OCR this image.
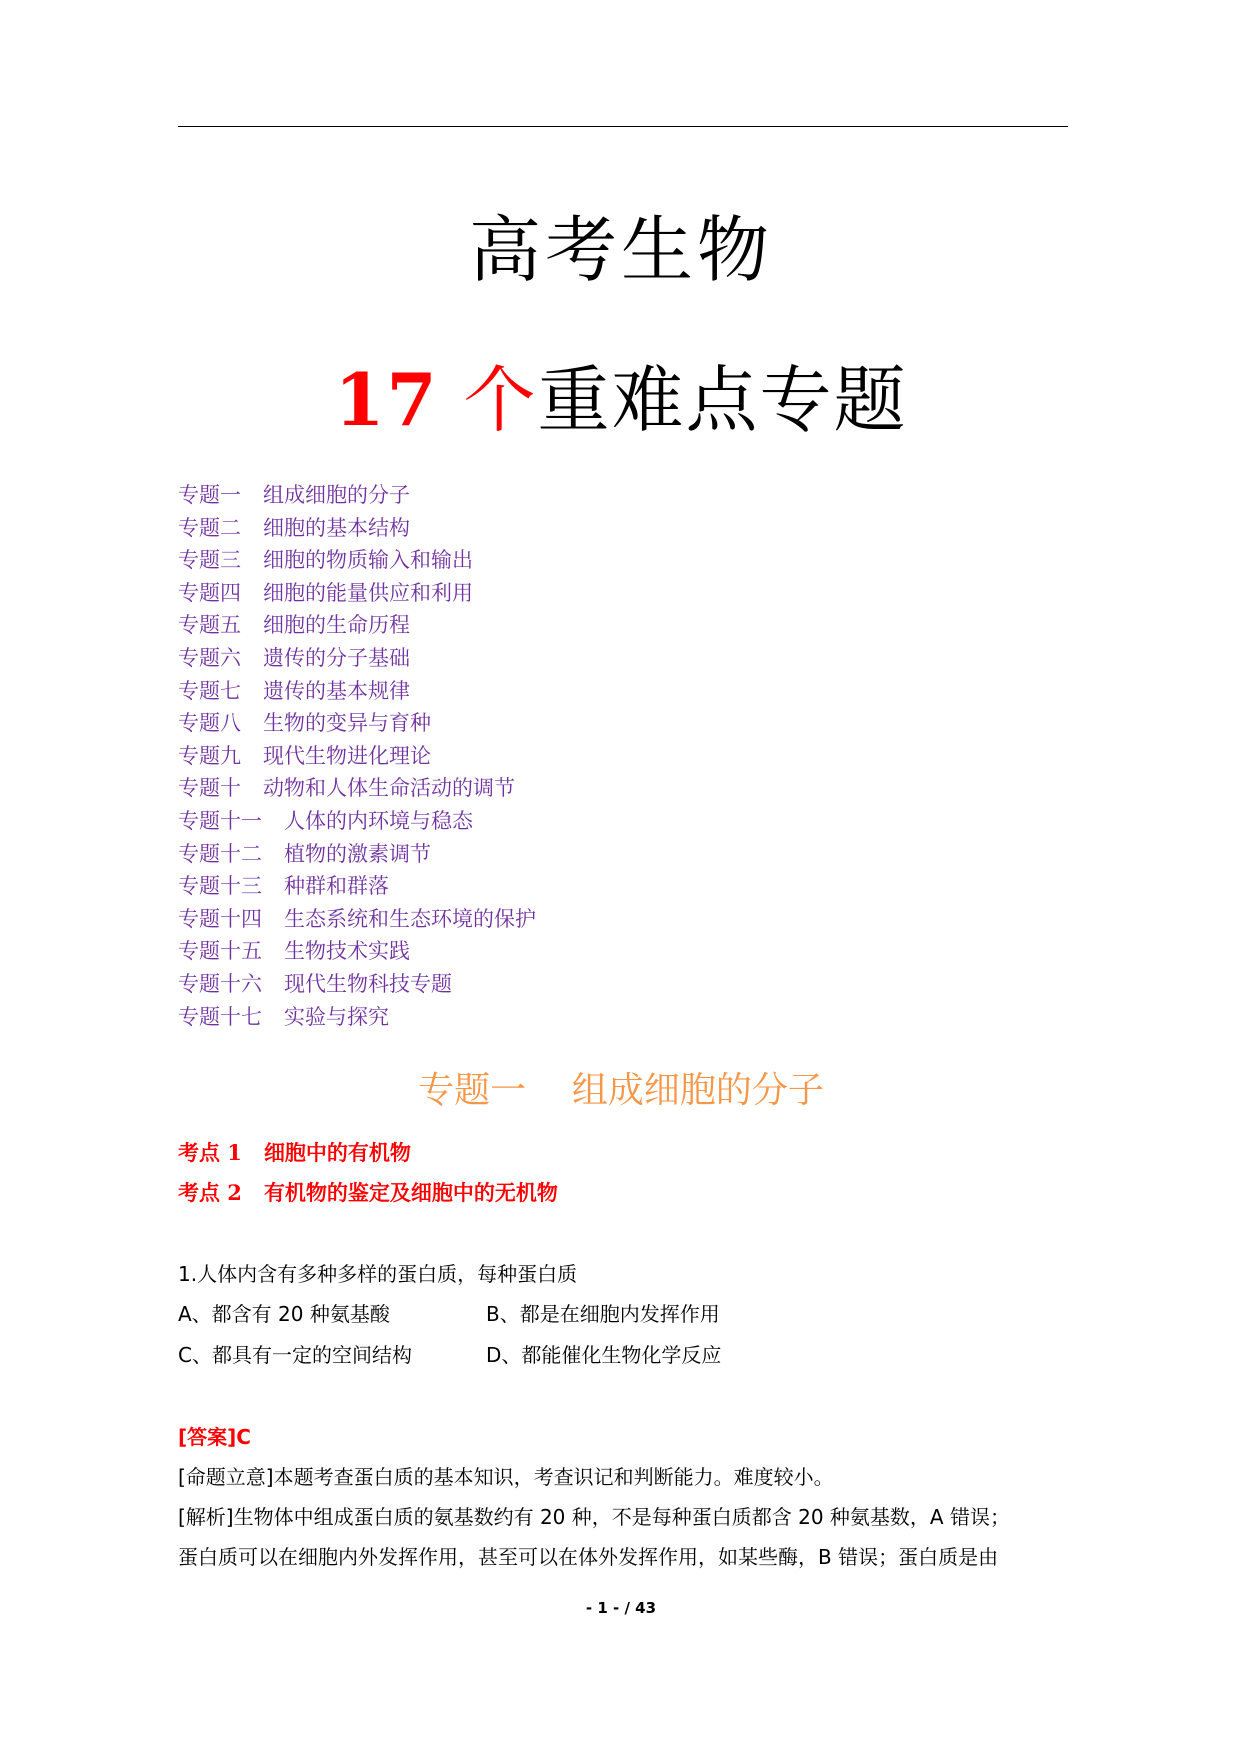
高考生物
17 个重难点专题
专题一 组成细胞的分子
专题二 细胞的基本结构
专题三 细胞的物质输入和输出
专题四 细胞的能量供应和利用
专题五 细胞的生命历程
专题六 遗传的分子基础
专题七 遗传的基本规律
专题八 生物的变异与育种
专题九 现代生物进化理论
专题十 动物和人体生命活动的调节
专题十一 人体的内环境与稳态
专题十二 植物的激素调节
专题十三 种群和群落
专题十四 生态系统和生态环境的保护
专题十五 生物技术实践
专题十六 现代生物科技专题
专题十七 实验与探究
专题一    组成细胞的分子
考点 1 细胞中的有机物
考点 2 有机物的鉴定及细胞中的无机物
1.人体内含有多种多样的蛋白质，每种蛋白质
A、都含有 20 种氨基酸	B、都是在细胞内发挥作用
C、都具有一定的空间结构	D、都能催化生物化学反应
[答案]C
[命题立意]本题考查蛋白质的基本知识，考查识记和判断能力。难度较小。
[解析]生物体中组成蛋白质的氨基数约有 20 种，不是每种蛋白质都含 20 种氨基数，A 错误；
蛋白质可以在细胞内外发挥作用，甚至可以在体外发挥作用，如某些酶，B 错误；蛋白质是由
- 1 - / 43
